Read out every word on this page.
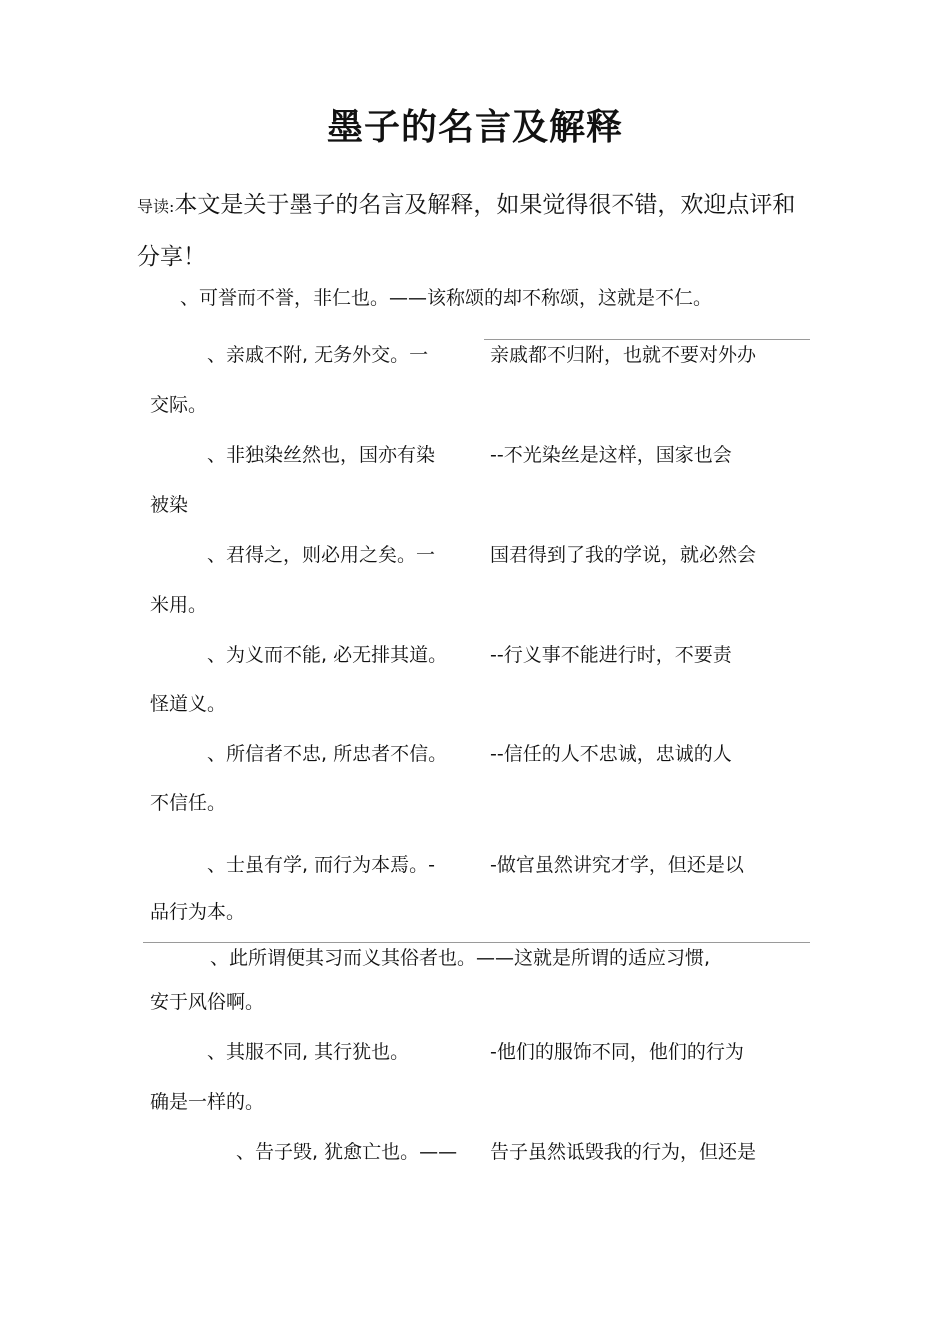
墨子的名言及解释
导读:本文是关于墨子的名言及解释，如果觉得很不错，欢迎点评和分享！
、可誉而不誉，非仁也。——该称颂的却不称颂，这就是不仁。
、亲戚不附, 无务外交。一	亲戚都不归附，也就不要对外办
交际。
、非独染丝然也，国亦有染	--不光染丝是这样，国家也会
被染
、君得之，则必用之矣。一	国君得到了我的学说，就必然会
米用。
、为义而不能, 必无排其道。 --行义事不能进行时，不要责
怪道义。
、所信者不忠, 所忠者不信。 --信任的人不忠诚，忠诚的人
不信任。
、士虽有学, 而行为本焉。-	-做官虽然讲究才学，但还是以
品行为本。
、此所谓便其习而义其俗者也。——这就是所谓的适应习惯,
安于风俗啊。
、其服不同, 其行犹也。	-他们的服饰不同，他们的行为
确是一样的。
、告子毁, 犹愈亡也。—— 告子虽然诋毁我的行为，但还是
